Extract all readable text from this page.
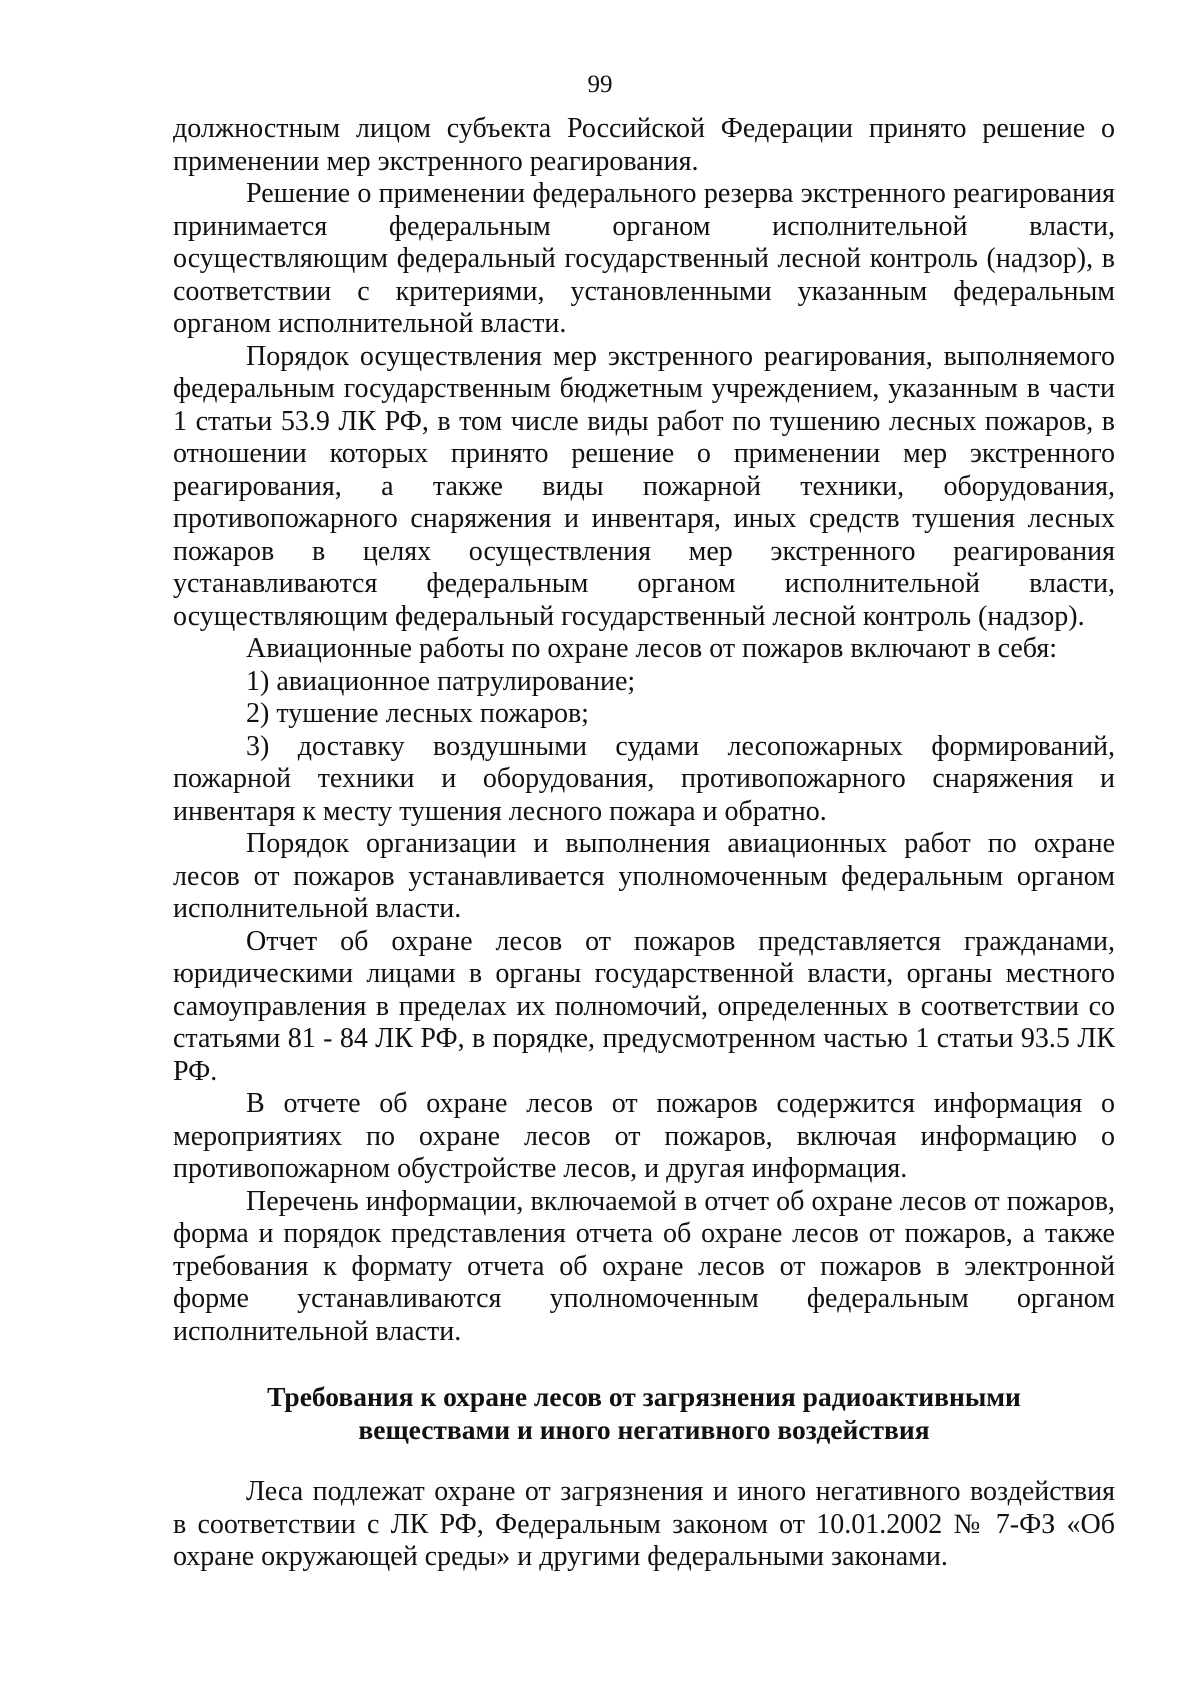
99

должностным лицом субъекта Российской Федерации принято решение о применении мер экстренного реагирования.

Решение о применении федерального резерва экстренного реагирования принимается федеральным органом исполнительной власти, осуществляющим федеральный государственный лесной контроль (надзор), в соответствии с критериями, установленными указанным федеральным органом исполнительной власти.

Порядок осуществления мер экстренного реагирования, выполняемого федеральным государственным бюджетным учреждением, указанным в части 1 статьи 53.9 ЛК РФ, в том числе виды работ по тушению лесных пожаров, в отношении которых принято решение о применении мер экстренного реагирования, а также виды пожарной техники, оборудования, противопожарного снаряжения и инвентаря, иных средств тушения лесных пожаров в целях осуществления мер экстренного реагирования устанавливаются федеральным органом исполнительной власти, осуществляющим федеральный государственный лесной контроль (надзор).

Авиационные работы по охране лесов от пожаров включают в себя:

1) авиационное патрулирование;

2) тушение лесных пожаров;

3) доставку воздушными судами лесопожарных формирований, пожарной техники и оборудования, противопожарного снаряжения и инвентаря к месту тушения лесного пожара и обратно.

Порядок организации и выполнения авиационных работ по охране лесов от пожаров устанавливается уполномоченным федеральным органом исполнительной власти.

Отчет об охране лесов от пожаров представляется гражданами, юридическими лицами в органы государственной власти, органы местного самоуправления в пределах их полномочий, определенных в соответствии со статьями 81 - 84 ЛК РФ, в порядке, предусмотренном частью 1 статьи 93.5 ЛК РФ.

В отчете об охране лесов от пожаров содержится информация о мероприятиях по охране лесов от пожаров, включая информацию о противопожарном обустройстве лесов, и другая информация.

Перечень информации, включаемой в отчет об охране лесов от пожаров, форма и порядок представления отчета об охране лесов от пожаров, а также требования к формату отчета об охране лесов от пожаров в электронной форме устанавливаются уполномоченным федеральным органом исполнительной власти.

Требования к охране лесов от загрязнения радиоактивными
веществами и иного негативного воздействия

Леса подлежат охране от загрязнения и иного негативного воздействия в соответствии с ЛК РФ, Федеральным законом от 10.01.2002 № 7-ФЗ «Об охране окружающей среды» и другими федеральными законами.
